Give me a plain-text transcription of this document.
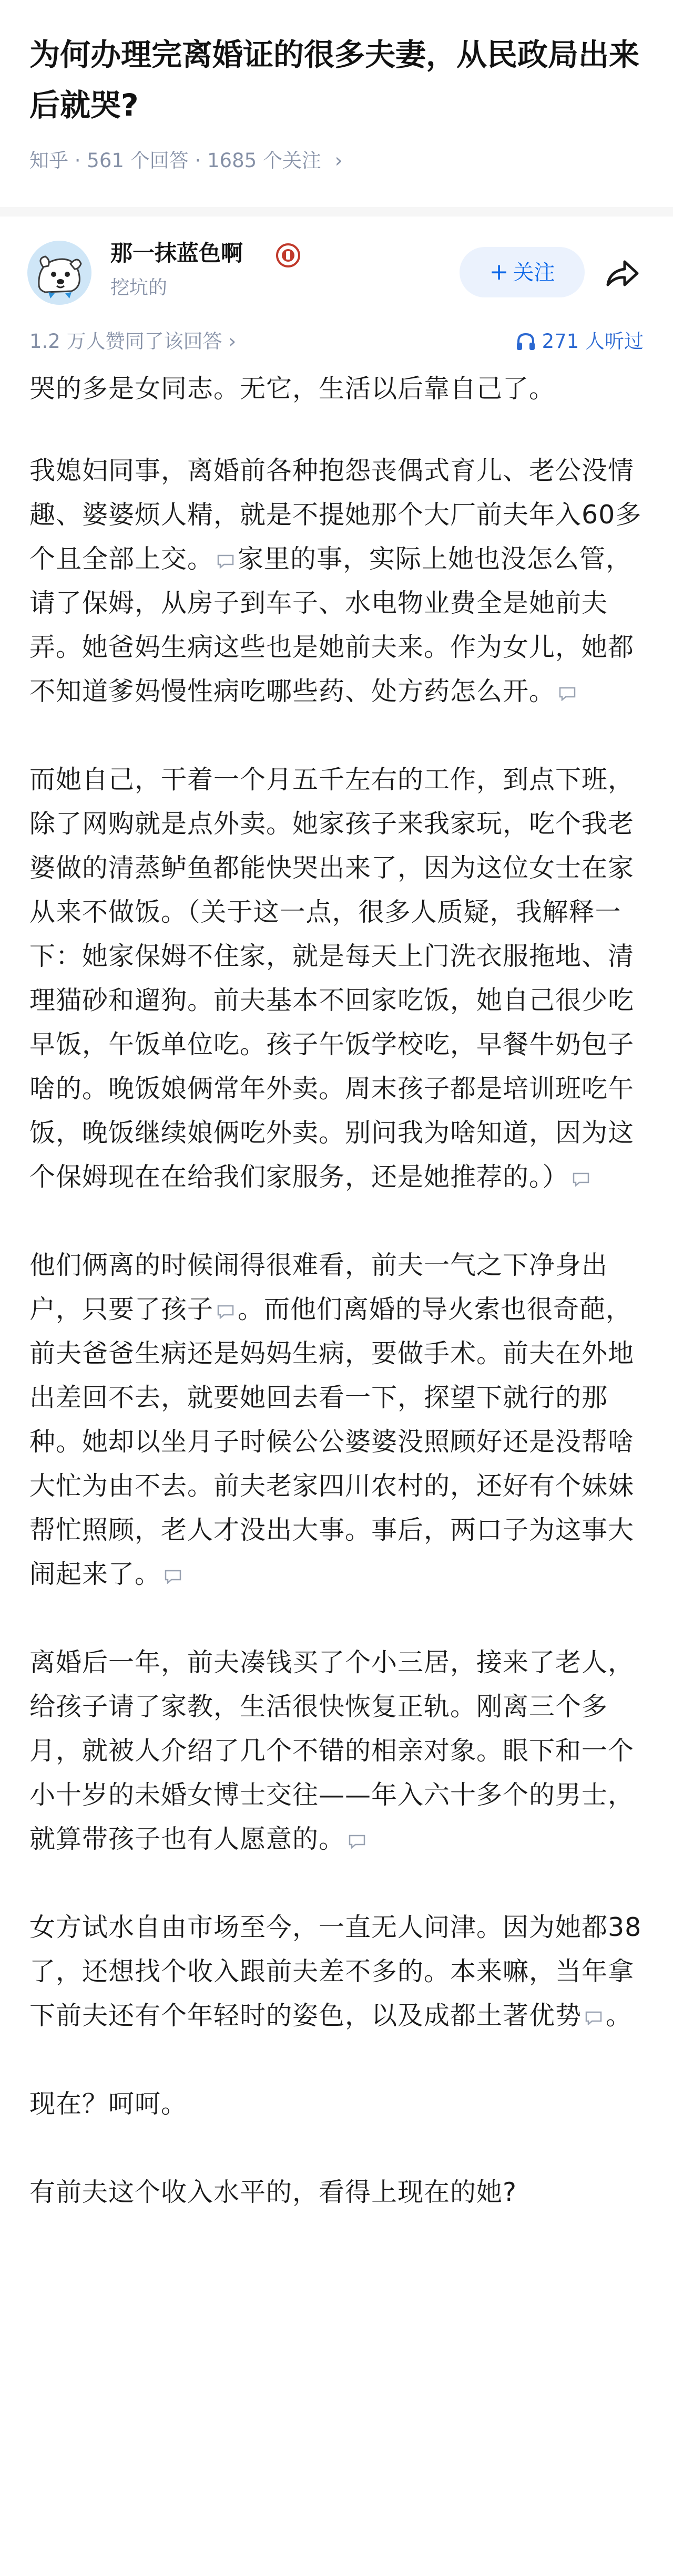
为何办理完离婚证的很多夫妻，从民政局出来后就哭?
知乎 · 561 个回答 · 1685 个关注 ›
那一抹蓝色啊
挖坑的
+ 关注
1.2 万人赞同了该回答 ›	271 人听过

哭的多是女同志。无它，生活以后靠自己了。

我媳妇同事，离婚前各种抱怨丧偶式育儿、老公没情趣、婆婆烦人精，就是不提她那个大厂前夫年入60多个且全部上交。 家里的事，实际上她也没怎么管，请了保姆，从房子到车子、水电物业费全是她前夫弄。她爸妈生病这些也是她前夫来。作为女儿，她都不知道爹妈慢性病吃哪些药、处方药怎么开。

而她自己，干着一个月五千左右的工作，到点下班，除了网购就是点外卖。她家孩子来我家玩，吃个我老婆做的清蒸鲈鱼都能快哭出来了，因为这位女士在家从来不做饭。（关于这一点，很多人质疑，我解释一下：她家保姆不住家，就是每天上门洗衣服拖地、清理猫砂和遛狗。前夫基本不回家吃饭，她自己很少吃早饭，午饭单位吃。孩子午饭学校吃，早餐牛奶包子啥的。晚饭娘俩常年外卖。周末孩子都是培训班吃午饭，晚饭继续娘俩吃外卖。别问我为啥知道，因为这个保姆现在在给我们家服务，还是她推荐的。）

他们俩离的时候闹得很难看，前夫一气之下净身出户，只要了孩子 。而他们离婚的导火索也很奇葩，前夫爸爸生病还是妈妈生病，要做手术。前夫在外地出差回不去，就要她回去看一下，探望下就行的那种。她却以坐月子时候公公婆婆没照顾好还是没帮啥大忙为由不去。前夫老家四川农村的，还好有个妹妹帮忙照顾，老人才没出大事。事后，两口子为这事大闹起来了。

离婚后一年，前夫凑钱买了个小三居，接来了老人，给孩子请了家教，生活很快恢复正轨。刚离三个多月，就被人介绍了几个不错的相亲对象。眼下和一个小十岁的未婚女博士交往——年入六十多个的男士，就算带孩子也有人愿意的。

女方试水自由市场至今，一直无人问津。因为她都38了，还想找个收入跟前夫差不多的。本来嘛，当年拿下前夫还有个年轻时的姿色，以及成都土著优势 。

现在？呵呵。

有前夫这个收入水平的，看得上现在的她?
